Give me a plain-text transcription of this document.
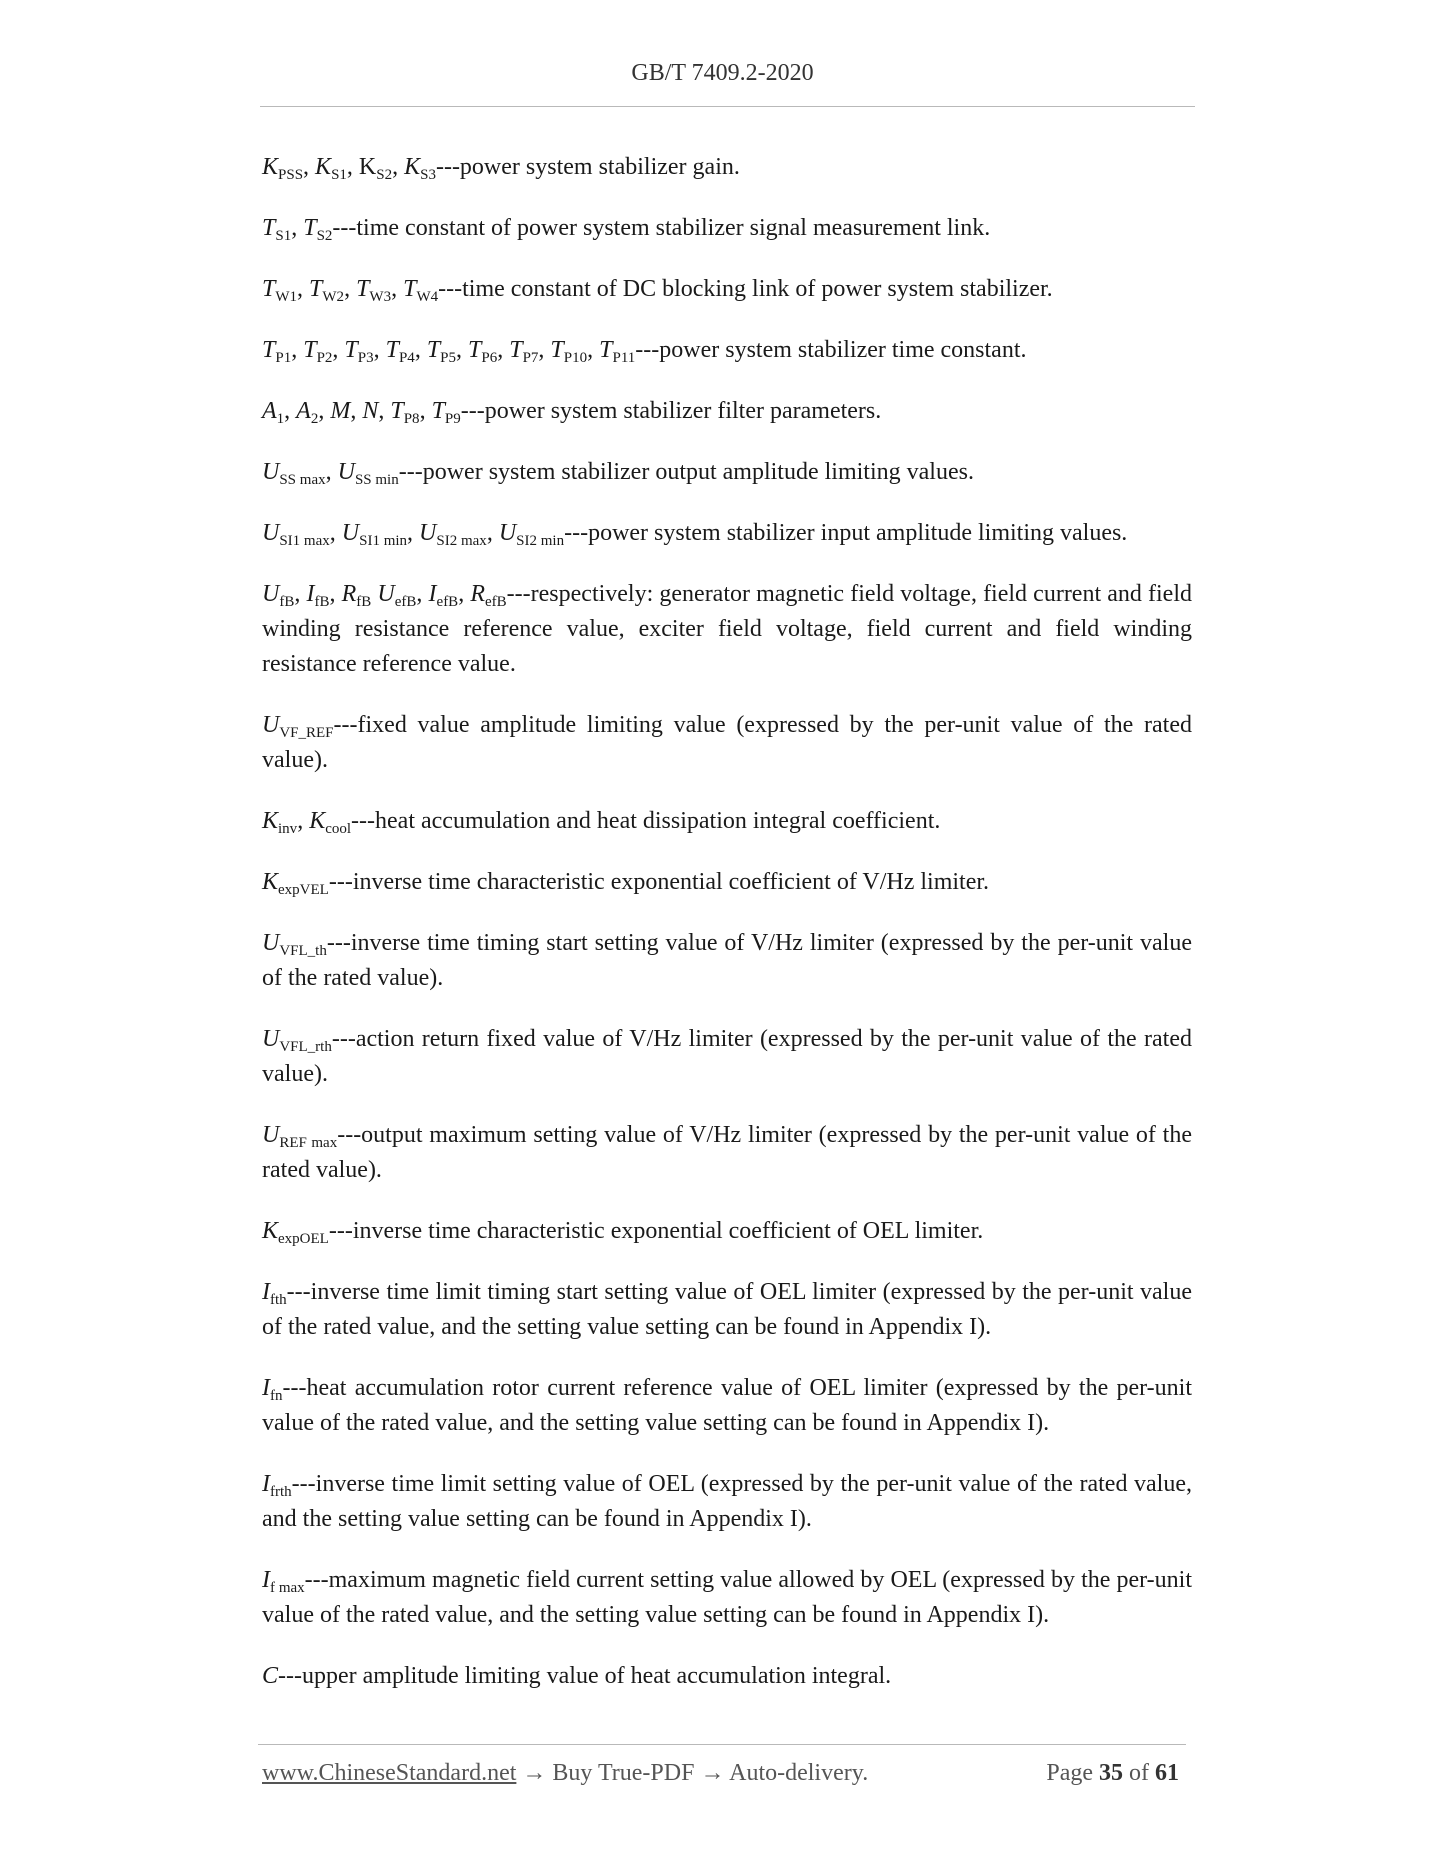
GB/T 7409.2-2020

$K_{PSS}$, $K_{S1}$, $K_{S2}$, $K_{S3}--$-power system stabilizer gain.

$T_{S1}$, $T_{S2}--$-time constant of power system stabilizer signal measurement link.

$T_{W1}$, $T_{W2}$, $T_{W3}$, $T_{W4}--$-time constant of DC blocking link of power system stabilizer.

$T_{P1}$, $T_{P2}$, $T_{P3}$, $T_{P4}$, $T_{P5}$, $T_{P6}$, $T_{P7}$, $T_{P10}$, $T_{P11}--$-power system stabilizer time constant.

$A_1$, $A_2$, M, N, $T_{P8}$, $T_{P9}--$-power system stabilizer filter parameters.

$U_{SS max}$, $U_{SS min}--$-power system stabilizer output amplitude limiting values.

$U_{SI1 max}$, $U_{SI1 min}$, $U_{SI2 max}$, $U_{SI2 min}--$-power system stabilizer input amplitude limiting values.

$U_{fB}$, $I_{fB}$, $R_{fB}$ $U_{efB}$, $I_{efB}$, $R_{efB}--$-respectively: generator magnetic field voltage, field current and field winding resistance reference value, exciter field voltage, field current and field winding resistance reference value.

$U_{VF\_REF}--$-fixed value amplitude limiting value (expressed by the per-unit value of the rated value).

$K_{inv}$, $K_{cool}--$-heat accumulation and heat dissipation integral coefficient.

$K_{expVEL}--$-inverse time characteristic exponential coefficient of V/Hz limiter.

$U_{VFL\_th}--$-inverse time timing start setting value of V/Hz limiter (expressed by the per-unit value of the rated value).

$U_{VFL\_rth}--$-action return fixed value of V/Hz limiter (expressed by the per-unit value of the rated value).

$U_{REF max}--$-output maximum setting value of V/Hz limiter (expressed by the per-unit value of the rated value).

$K_{expOEL}--$-inverse time characteristic exponential coefficient of OEL limiter.

$I_{fth}--$-inverse time limit timing start setting value of OEL limiter (expressed by the per-unit value of the rated value, and the setting value setting can be found in Appendix I).

$I_{fn}--$-heat accumulation rotor current reference value of OEL limiter (expressed by the per-unit value of the rated value, and the setting value setting can be found in Appendix I).

$I_{frth}--$-inverse time limit setting value of OEL (expressed by the per-unit value of the rated value, and the setting value setting can be found in Appendix I).

$I_{f max}--$-maximum magnetic field current setting value allowed by OEL (expressed by the per-unit value of the rated value, and the setting value setting can be found in Appendix I).

C---upper amplitude limiting value of heat accumulation integral.

www.ChineseStandard.net → Buy True-PDF → Auto-delivery.	Page 35 of 61
